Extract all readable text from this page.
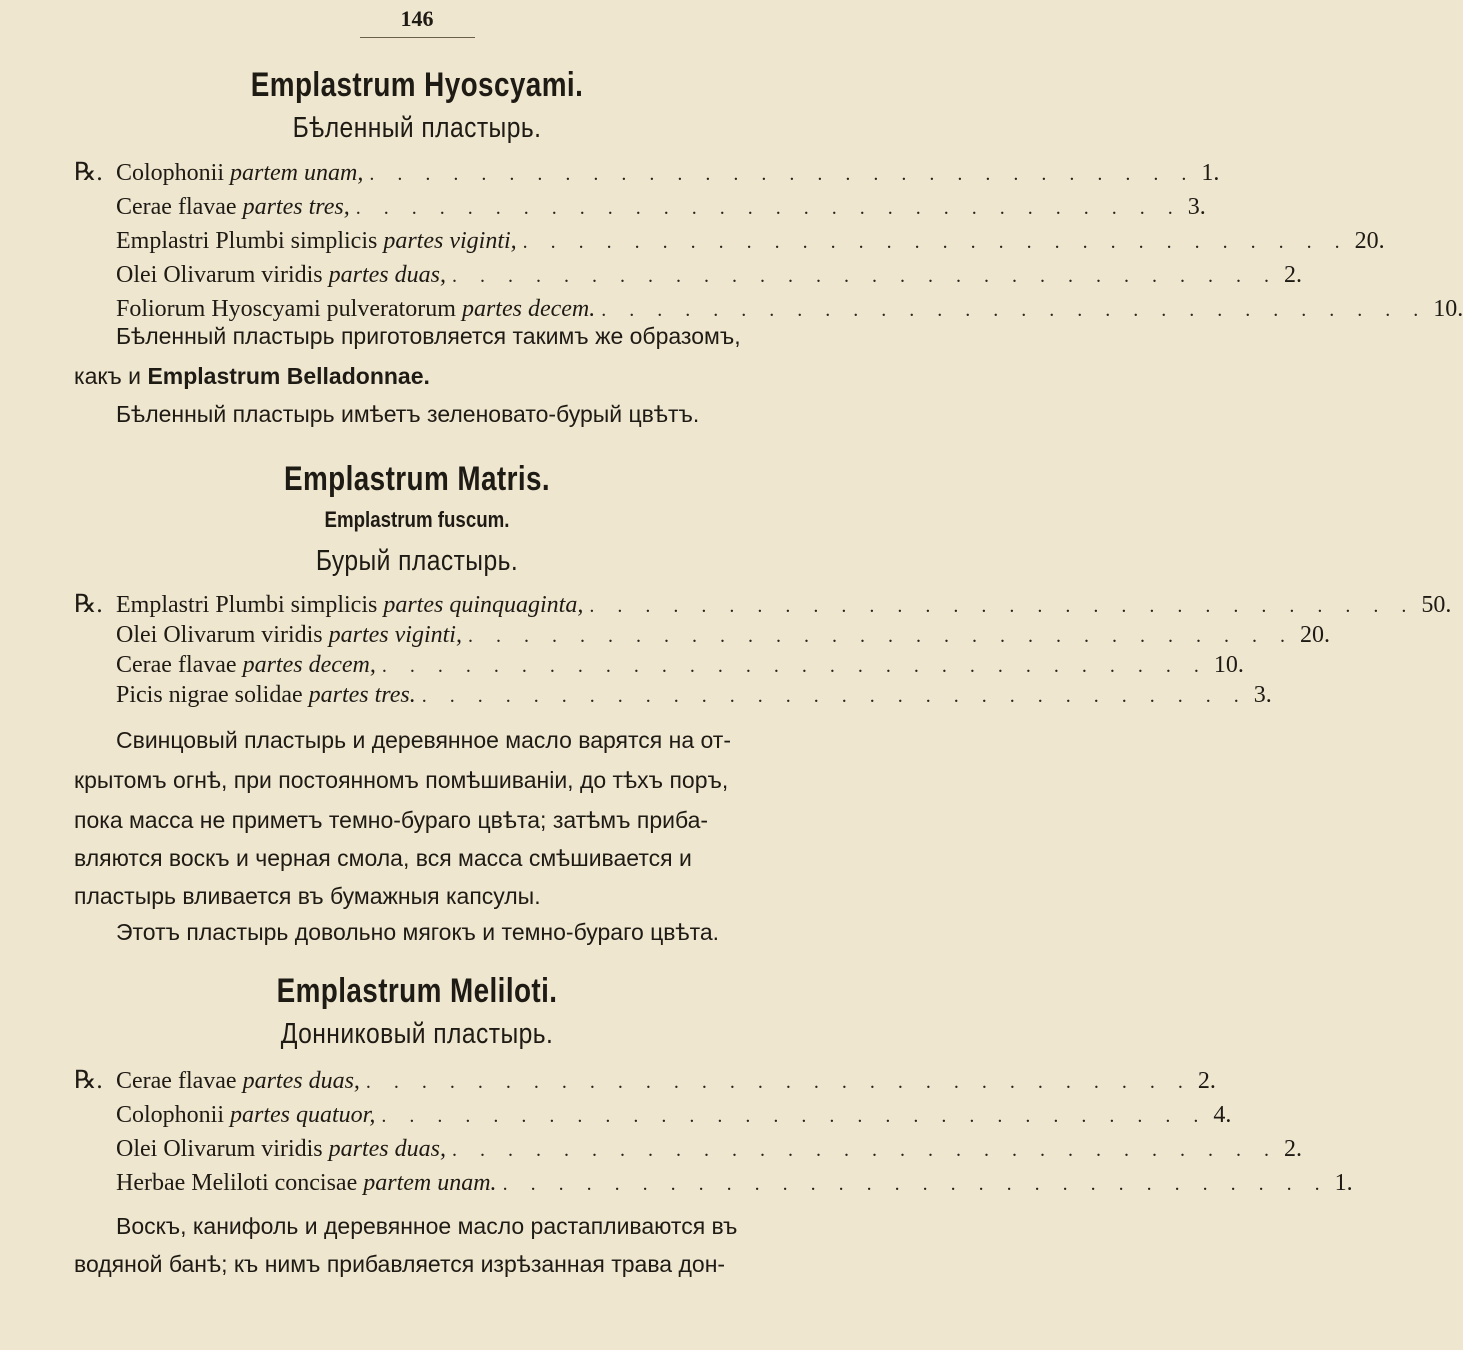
146
Emplastrum Hyoscyami.
Бѣленный пластырь.
℞. Colophonii partem unam, . . . . . . . . . . . . . . . . . . . . . . . . . . . . . . 1.
Cerae flavae partes tres, . . . . . . . . . . . . . . . . . . . . . . . . . . . . . . 3.
Emplastri Plumbi simplicis partes viginti, . . . . . . . . . . . . . . . . . . . . . . . . . . . . . . 20.
Olei Olivarum viridis partes duas, . . . . . . . . . . . . . . . . . . . . . . . . . . . . . . 2.
Foliorum Hyoscyami pulveratorum partes decem. . . . . . . . . . . . . . . . . . . . . . . . . . . . . . . 10.
Бѣленный пластырь приготовляется такимъ же образомъ,
какъ и Emplastrum Belladonnae.
Бѣленный пластырь имѣетъ зеленовато-бурый цвѣтъ.
Emplastrum Matris.
Emplastrum fuscum.
Бурый пластырь.
℞. Emplastri Plumbi simplicis partes quinquaginta, . . . . . . . . . . . . . . . . . . . . . . . . . . . . . . 50.
Olei Olivarum viridis partes viginti, . . . . . . . . . . . . . . . . . . . . . . . . . . . . . . 20.
Cerae flavae partes decem, . . . . . . . . . . . . . . . . . . . . . . . . . . . . . . 10.
Picis nigrae solidae partes tres. . . . . . . . . . . . . . . . . . . . . . . . . . . . . . . 3.
Свинцовый пластырь и деревянное масло варятся на от-
крытомъ огнѣ, при постоянномъ помѣшиваніи, до тѣхъ поръ,
пока масса не приметъ темно-бураго цвѣта; затѣмъ приба-
вляются воскъ и черная смола, вся масса смѣшивается и
пластырь вливается въ бумажныя капсулы.
Этотъ пластырь довольно мягокъ и темно-бураго цвѣта.
Emplastrum Meliloti.
Донниковый пластырь.
℞. Cerae flavae partes duas, . . . . . . . . . . . . . . . . . . . . . . . . . . . . . . 2.
Colophonii partes quatuor, . . . . . . . . . . . . . . . . . . . . . . . . . . . . . . 4.
Olei Olivarum viridis partes duas, . . . . . . . . . . . . . . . . . . . . . . . . . . . . . . 2.
Herbae Meliloti concisae partem unam. . . . . . . . . . . . . . . . . . . . . . . . . . . . . . . 1.
Воскъ, канифоль и деревянное масло растапливаются въ
водяной банѣ; къ нимъ прибавляется изрѣзанная трава дон-
